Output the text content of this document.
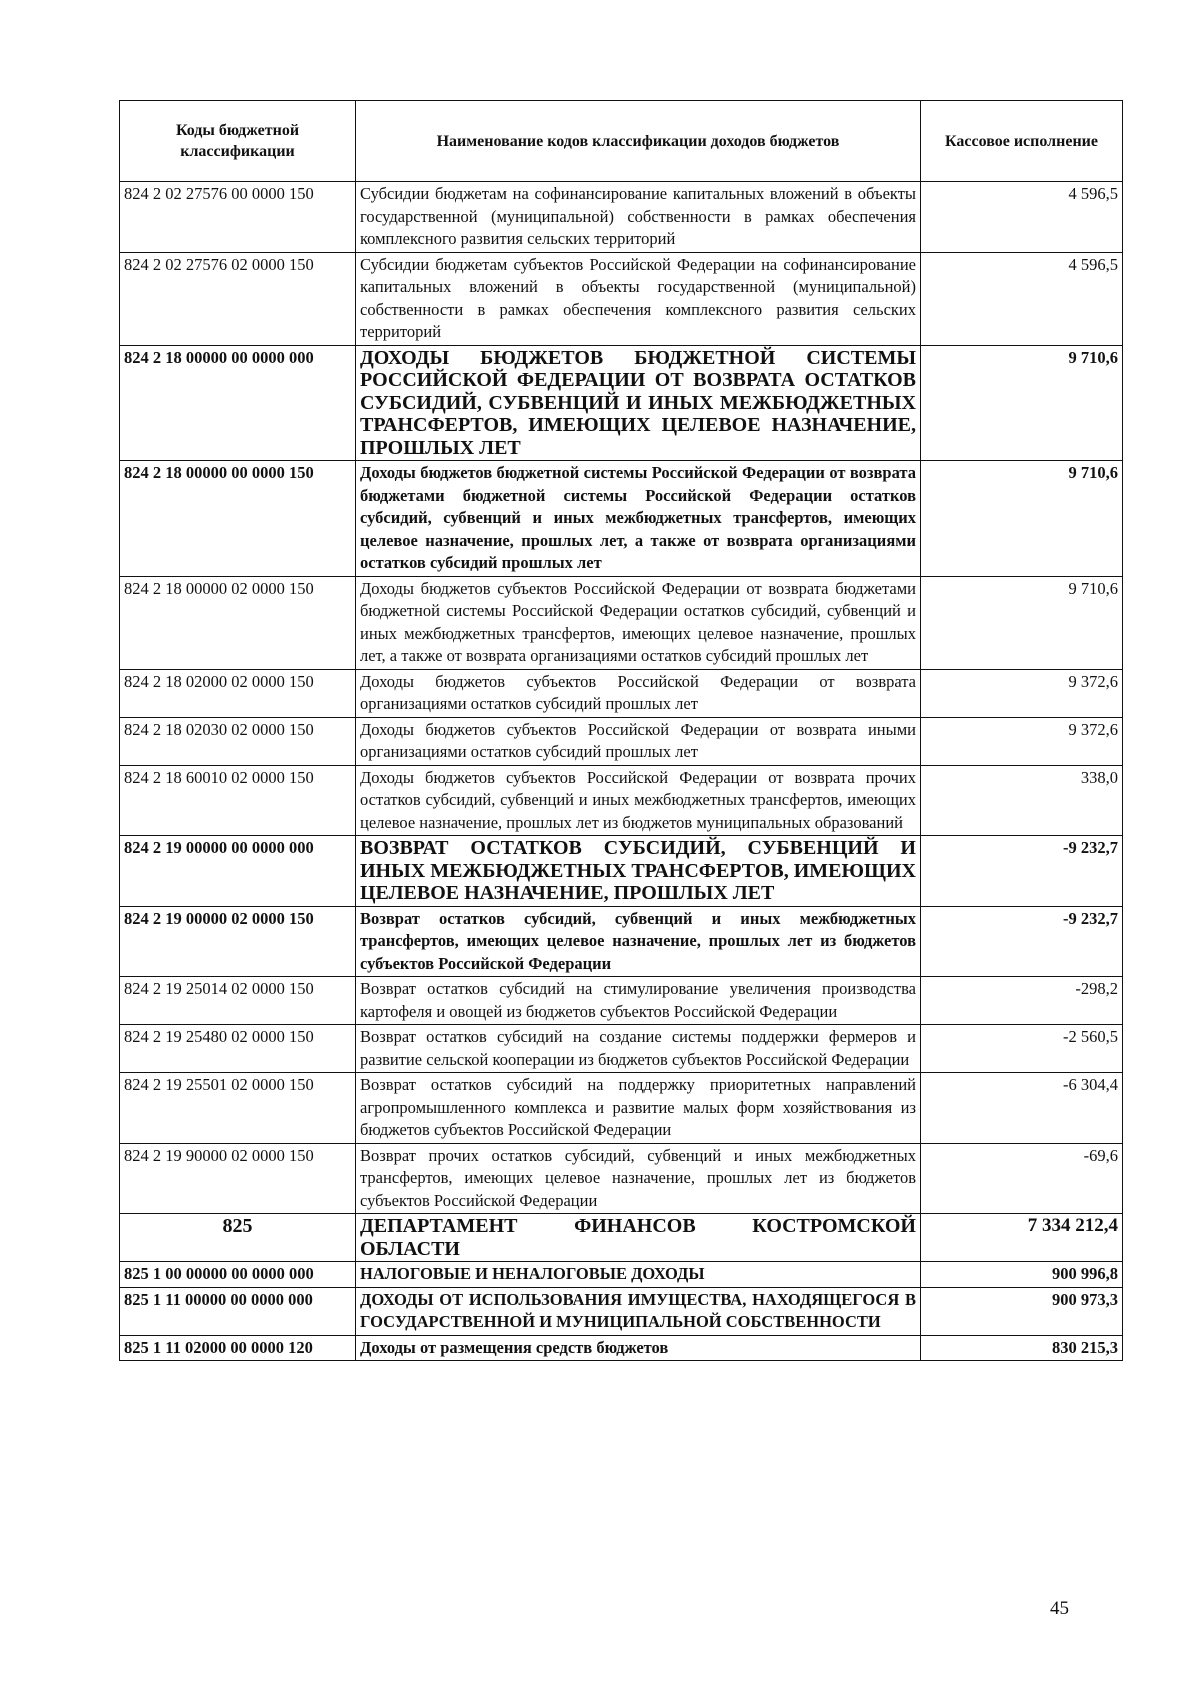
Коды бюджетной классификации	Наименование кодов классификации доходов бюджетов	Кассовое исполнение
824 2 02 27576 00 0000 150	Субсидии бюджетам на софинансирование капитальных вложений в объекты государственной (муниципальной) собственности в рамках обеспечения комплексного развития сельских территорий	4 596,5
824 2 02 27576 02 0000 150	Субсидии бюджетам субъектов Российской Федерации на софинансирование капитальных вложений в объекты государственной (муниципальной) собственности в рамках обеспечения комплексного развития сельских территорий	4 596,5
824 2 18 00000 00 0000 000	ДОХОДЫ БЮДЖЕТОВ БЮДЖЕТНОЙ СИСТЕМЫ РОССИЙСКОЙ ФЕДЕРАЦИИ ОТ ВОЗВРАТА ОСТАТКОВ СУБСИДИЙ, СУБВЕНЦИЙ И ИНЫХ МЕЖБЮДЖЕТНЫХ ТРАНСФЕРТОВ, ИМЕЮЩИХ ЦЕЛЕВОЕ НАЗНАЧЕНИЕ, ПРОШЛЫХ ЛЕТ	9 710,6
824 2 18 00000 00 0000 150	Доходы бюджетов бюджетной системы Российской Федерации от возврата бюджетами бюджетной системы Российской Федерации остатков субсидий, субвенций и иных межбюджетных трансфертов, имеющих целевое назначение, прошлых лет, а также от возврата организациями остатков субсидий прошлых лет	9 710,6
824 2 18 00000 02 0000 150	Доходы бюджетов субъектов Российской Федерации от возврата бюджетами бюджетной системы Российской Федерации остатков субсидий, субвенций и иных межбюджетных трансфертов, имеющих целевое назначение, прошлых лет, а также от возврата организациями остатков субсидий прошлых лет	9 710,6
824 2 18 02000 02 0000 150	Доходы бюджетов субъектов Российской Федерации от возврата организациями остатков субсидий прошлых лет	9 372,6
824 2 18 02030 02 0000 150	Доходы бюджетов субъектов Российской Федерации от возврата иными организациями остатков субсидий прошлых лет	9 372,6
824 2 18 60010 02 0000 150	Доходы бюджетов субъектов Российской Федерации от возврата прочих остатков субсидий, субвенций и иных межбюджетных трансфертов, имеющих целевое назначение, прошлых лет из бюджетов муниципальных образований	338,0
824 2 19 00000 00 0000 000	ВОЗВРАТ ОСТАТКОВ СУБСИДИЙ, СУБВЕНЦИЙ И ИНЫХ МЕЖБЮДЖЕТНЫХ ТРАНСФЕРТОВ, ИМЕЮЩИХ ЦЕЛЕВОЕ НАЗНАЧЕНИЕ, ПРОШЛЫХ ЛЕТ	-9 232,7
824 2 19 00000 02 0000 150	Возврат остатков субсидий, субвенций и иных межбюджетных трансфертов, имеющих целевое назначение, прошлых лет из бюджетов субъектов Российской Федерации	-9 232,7
824 2 19 25014 02 0000 150	Возврат остатков субсидий на стимулирование увеличения производства картофеля и овощей из бюджетов субъектов Российской Федерации	-298,2
824 2 19 25480 02 0000 150	Возврат остатков субсидий на создание системы поддержки фермеров и развитие сельской кооперации из бюджетов субъектов Российской Федерации	-2 560,5
824 2 19 25501 02 0000 150	Возврат остатков субсидий на поддержку приоритетных направлений агропромышленного комплекса и развитие малых форм хозяйствования из бюджетов субъектов Российской Федерации	-6 304,4
824 2 19 90000 02 0000 150	Возврат прочих остатков субсидий, субвенций и иных межбюджетных трансфертов, имеющих целевое назначение, прошлых лет из бюджетов субъектов Российской Федерации	-69,6
825	ДЕПАРТАМЕНТ ФИНАНСОВ КОСТРОМСКОЙ ОБЛАСТИ	7 334 212,4
825 1 00 00000 00 0000 000	НАЛОГОВЫЕ И НЕНАЛОГОВЫЕ ДОХОДЫ	900 996,8
825 1 11 00000 00 0000 000	ДОХОДЫ ОТ ИСПОЛЬЗОВАНИЯ ИМУЩЕСТВА, НАХОДЯЩЕГОСЯ В ГОСУДАРСТВЕННОЙ И МУНИЦИПАЛЬНОЙ СОБСТВЕННОСТИ	900 973,3
825 1 11 02000 00 0000 120	Доходы от размещения средств бюджетов	830 215,3
45
